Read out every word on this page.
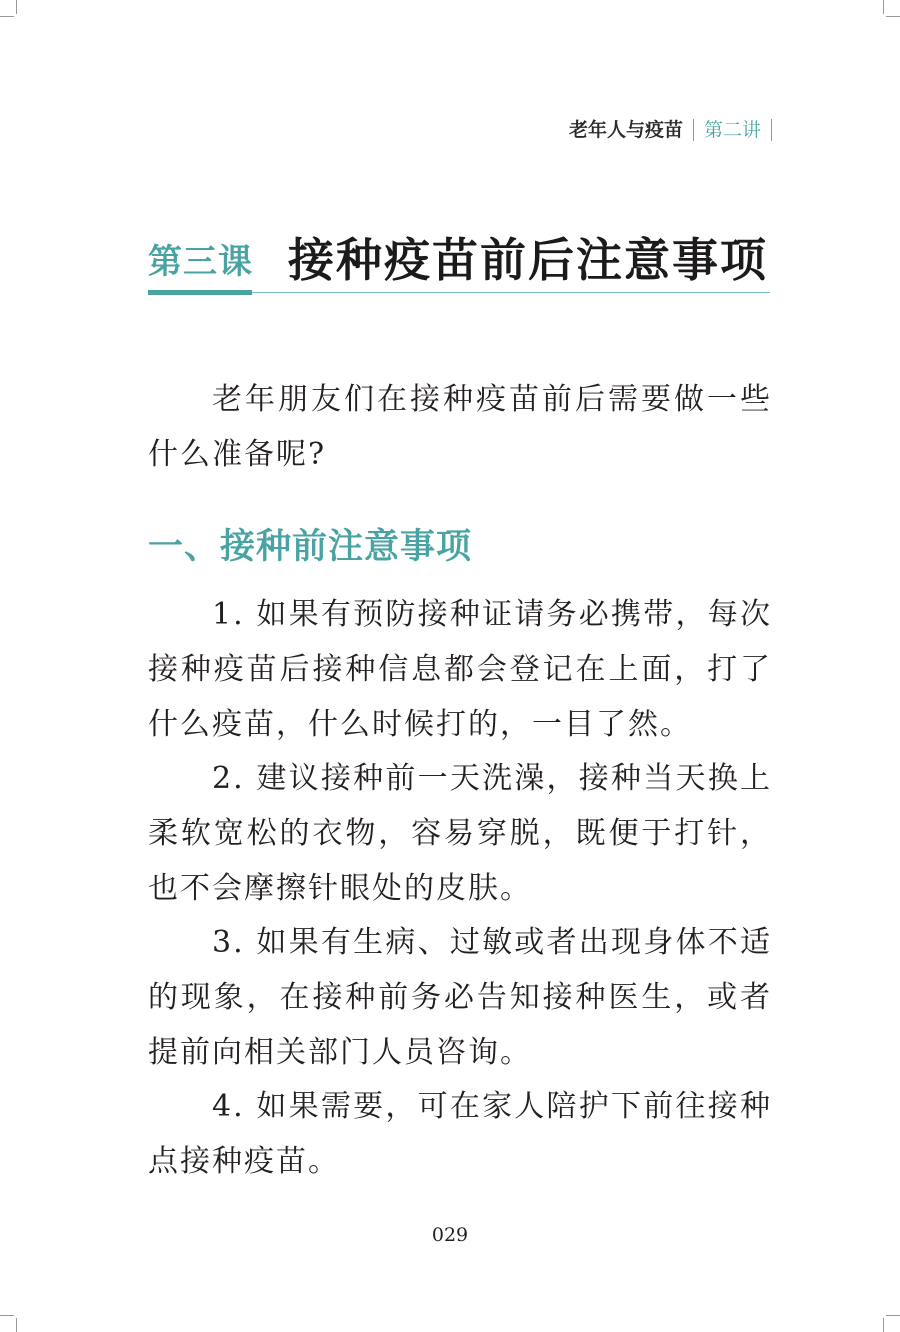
老年人与疫苗 第二讲
第三课 接种疫苗前后注意事项

老年朋友们在接种疫苗前后需要做一些什么准备呢?

一、接种前注意事项

1. 如果有预防接种证请务必携带，每次接种疫苗后接种信息都会登记在上面，打了什么疫苗，什么时候打的，一目了然。

2. 建议接种前一天洗澡，接种当天换上柔软宽松的衣物，容易穿脱，既便于打针，也不会摩擦针眼处的皮肤。

3. 如果有生病、过敏或者出现身体不适的现象，在接种前务必告知接种医生，或者提前向相关部门人员咨询。

4. 如果需要，可在家人陪护下前往接种点接种疫苗。

029
